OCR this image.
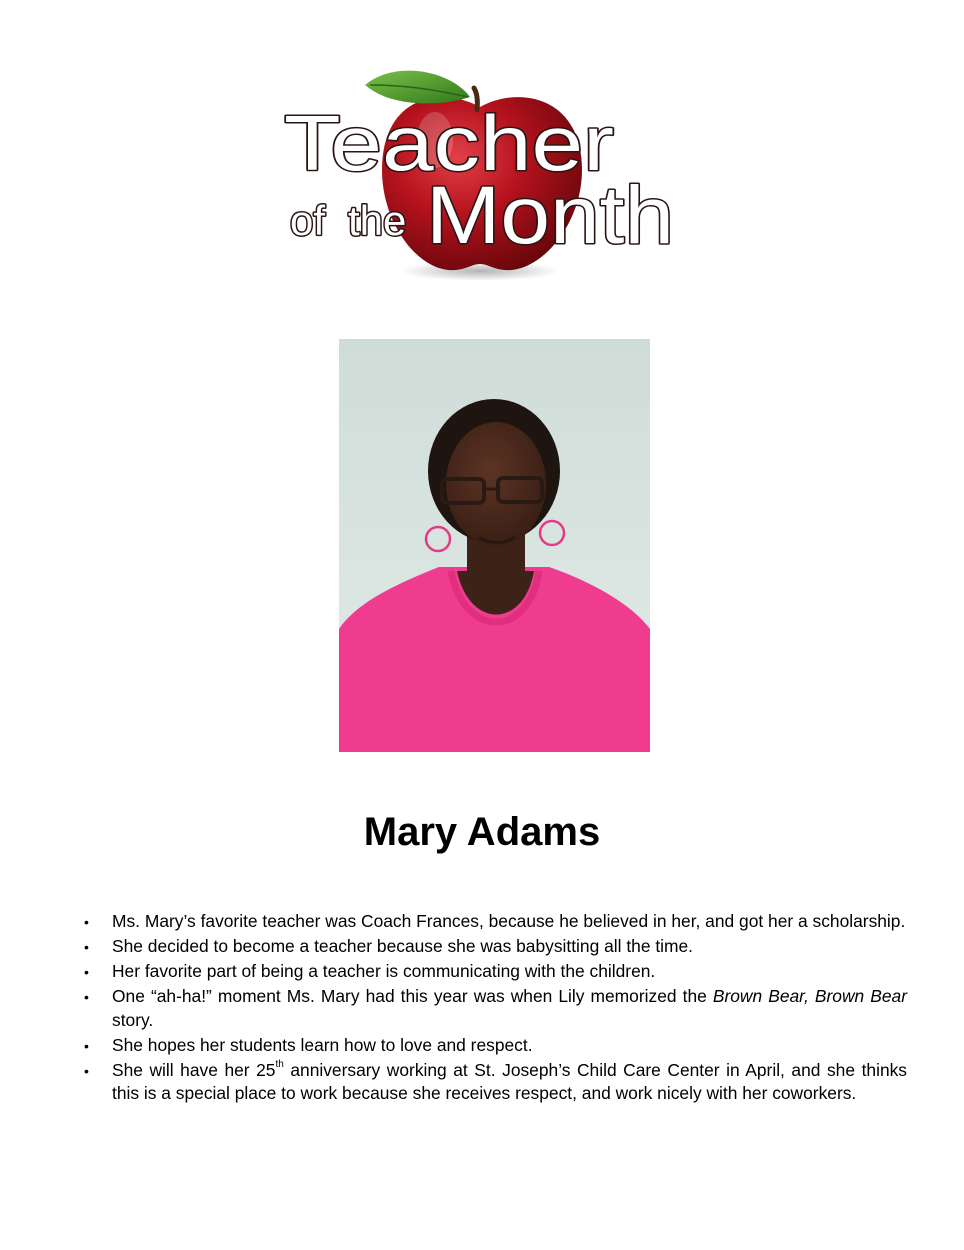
Teacher
of the Month
Mary Adams
•
Ms. Mary’s favorite teacher was Coach Frances, because he believed in her, and got her a scholarship.
•
She decided to become a teacher because she was babysitting all the time.
•
Her favorite part of being a teacher is communicating with the children.
•
One “ah-ha!” moment Ms. Mary had this year was when Lily memorized the Brown Bear, Brown Bear story.
•
She hopes her students learn how to love and respect.
•
She will have her 25th anniversary working at St. Joseph’s Child Care Center in April, and she thinks this is a special place to work because she receives respect, and work nicely with her coworkers.
